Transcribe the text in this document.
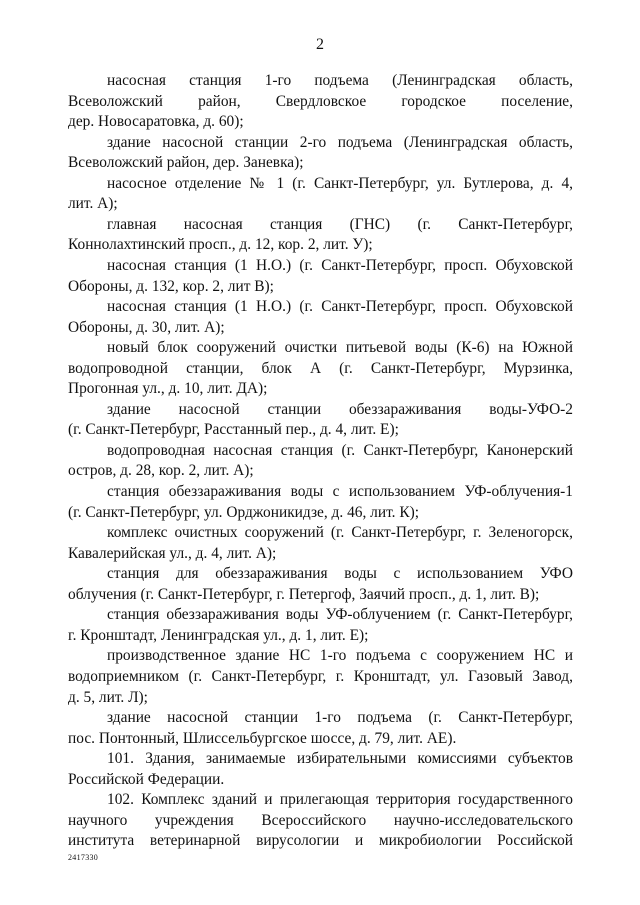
2
насосная станция 1-го подъема (Ленинградская область,
Всеволожский район, Свердловское городское поселение,
дер. Новосаратовка, д. 60);
здание насосной станции 2-го подъема (Ленинградская область,
Всеволожский район, дер. Заневка);
насосное отделение № 1 (г. Санкт-Петербург, ул. Бутлерова, д. 4,
лит. А);
главная насосная станция (ГНС) (г. Санкт-Петербург,
Коннолахтинский просп., д. 12, кор. 2, лит. У);
насосная станция (1 Н.О.) (г. Санкт-Петербург, просп. Обуховской
Обороны, д. 132, кор. 2, лит В);
насосная станция (1 Н.О.) (г. Санкт-Петербург, просп. Обуховской
Обороны, д. 30, лит. А);
новый блок сооружений очистки питьевой воды (К-6) на Южной
водопроводной станции, блок А (г. Санкт-Петербург, Мурзинка,
Прогонная ул., д. 10, лит. ДА);
здание насосной станции обеззараживания воды-УФО-2
(г. Санкт-Петербург, Расстанный пер., д. 4, лит. Е);
водопроводная насосная станция (г. Санкт-Петербург, Канонерский
остров, д. 28, кор. 2, лит. А);
станция обеззараживания воды с использованием УФ-облучения-1
(г. Санкт-Петербург, ул. Орджоникидзе, д. 46, лит. К);
комплекс очистных сооружений (г. Санкт-Петербург, г. Зеленогорск,
Кавалерийская ул., д. 4, лит. А);
станция для обеззараживания воды с использованием УФО
облучения (г. Санкт-Петербург, г. Петергоф, Заячий просп., д. 1, лит. В);
станция обеззараживания воды УФ-облучением (г. Санкт-Петербург,
г. Кронштадт, Ленинградская ул., д. 1, лит. Е);
производственное здание НС 1-го подъема с сооружением НС и
водоприемником (г. Санкт-Петербург, г. Кронштадт, ул. Газовый Завод,
д. 5, лит. Л);
здание насосной станции 1-го подъема (г. Санкт-Петербург,
пос. Понтонный, Шлиссельбургское шоссе, д. 79, лит. АЕ).
101. Здания, занимаемые избирательными комиссиями субъектов
Российской Федерации.
102. Комплекс зданий и прилегающая территория государственного
научного учреждения Всероссийского научно-исследовательского
института ветеринарной вирусологии и микробиологии Российской
2417330
